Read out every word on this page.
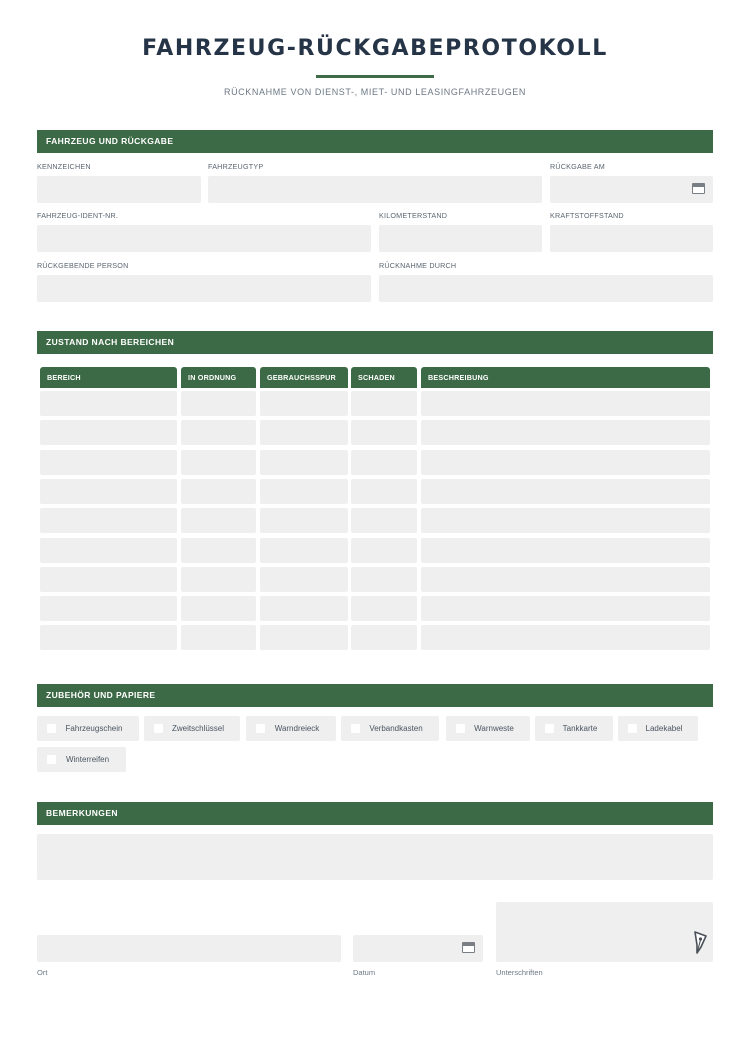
FAHRZEUG-RÜCKGABEPROTOKOLL
RÜCKNAHME VON DIENST-, MIET- UND LEASINGFAHRZEUGEN
FAHRZEUG UND RÜCKGABE
KENNZEICHEN	FAHRZEUGTYP	RÜCKGABE AM
FAHRZEUG-IDENT-NR.	KILOMETERSTAND	KRAFTSTOFFSTAND
RÜCKGEBENDE PERSON	RÜCKNAHME DURCH
ZUSTAND NACH BEREICHEN
BEREICH	IN ORDNUNG	GEBRAUCHSSPUR	SCHADEN	BESCHREIBUNG
ZUBEHÖR UND PAPIERE
Fahrzeugschein	Zweitschlüssel	Warndreieck	Verbandkasten	Warnweste	Tankkarte	Ladekabel
Winterreifen
BEMERKUNGEN
Ort	Datum	Unterschriften
